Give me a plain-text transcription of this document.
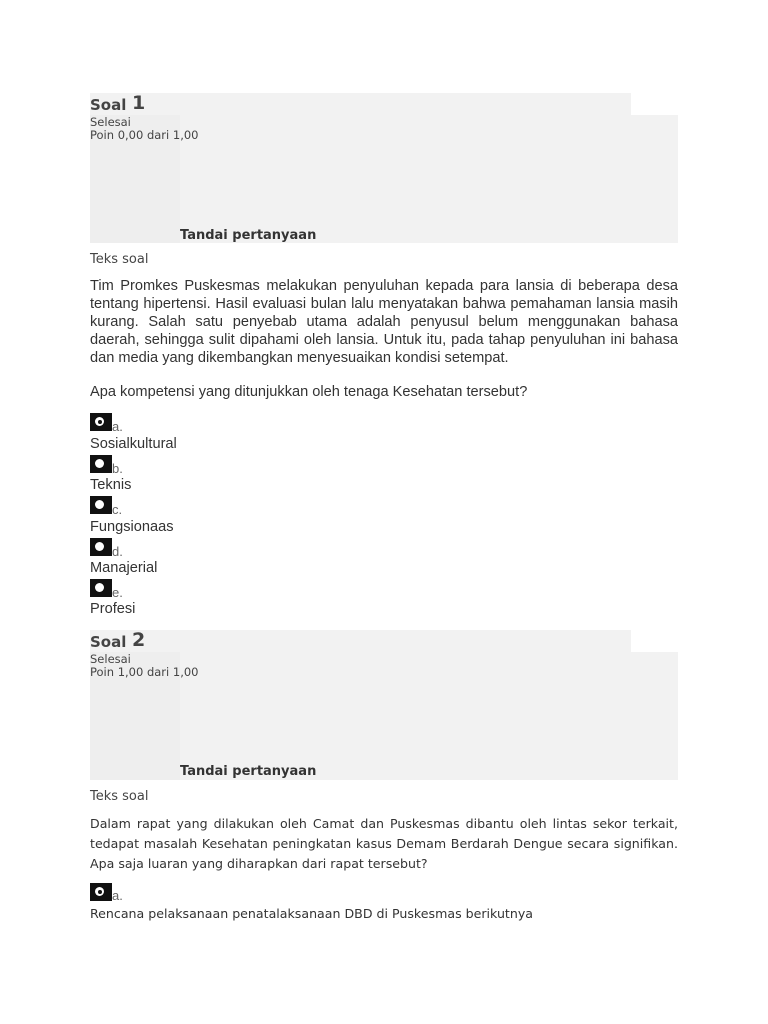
Soal 1
Selesai
Poin 0,00 dari 1,00
Tandai pertanyaan
Teks soal
Tim Promkes Puskesmas melakukan penyuluhan kepada para lansia di beberapa desa tentang hipertensi. Hasil evaluasi bulan lalu menyatakan bahwa pemahaman lansia masih kurang. Salah satu penyebab utama adalah penyusul belum menggunakan bahasa daerah, sehingga sulit dipahami oleh lansia. Untuk itu, pada tahap penyuluhan ini bahasa dan media yang dikembangkan menyesuaikan kondisi setempat.
Apa kompetensi yang ditunjukkan oleh tenaga Kesehatan tersebut?
a.
Sosialkultural
b.
Teknis
c.
Fungsionaas
d.
Manajerial
e.
Profesi
Soal 2
Selesai
Poin 1,00 dari 1,00
Tandai pertanyaan
Teks soal
Dalam rapat yang dilakukan oleh Camat dan Puskesmas dibantu oleh lintas sekor terkait, tedapat masalah Kesehatan peningkatan kasus Demam Berdarah Dengue secara signifikan. Apa saja luaran yang diharapkan dari rapat tersebut?
a.
Rencana pelaksanaan penatalaksanaan DBD di Puskesmas berikutnya
